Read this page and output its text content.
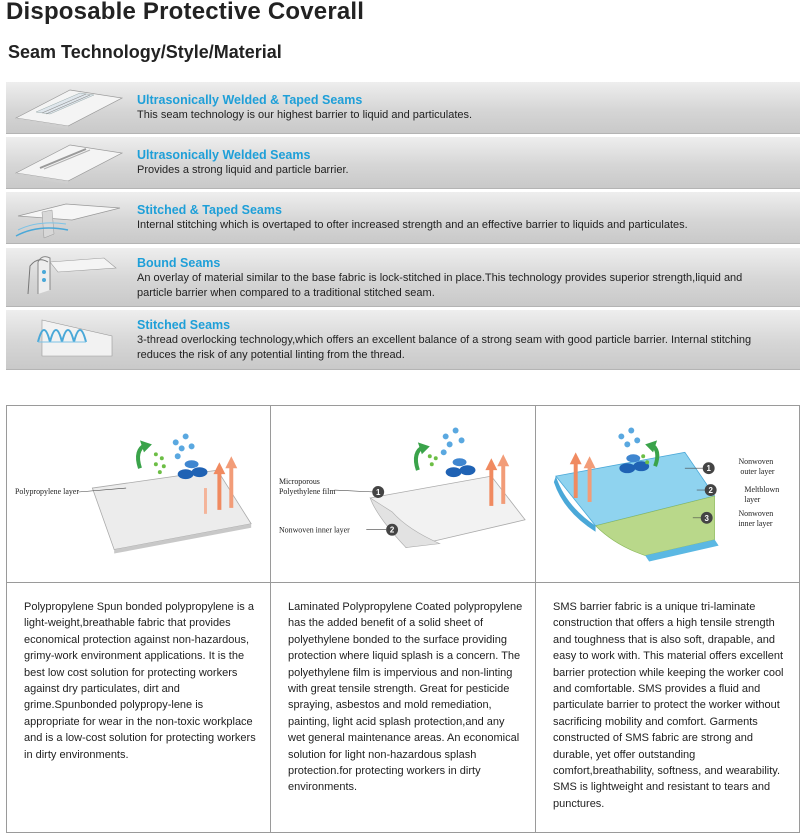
Disposable Protective Coverall
Seam Technology/Style/Material
Ultrasonically Welded & Taped Seams
This seam technology is our highest barrier to liquid and particulates.
Ultrasonically Welded Seams
Provides a strong liquid and particle barrier.
Stitched & Taped Seams
Internal stitching which is overtaped to ofter increased strength and an effective barrier to liquids and particulates.
Bound Seams
An overlay of material similar to the base fabric is lock-stitched in place.This technology provides superior strength,liquid and particle barrier when compared to a traditional stitched seam.
Stitched Seams
3-thread overlocking technology,which offers an excellent balance of a strong seam with good particle barrier. Internal stitching reduces the risk of any potential linting from the thread.
Polypropylene layer
Polypropylene Spun bonded polypropylene is a light-weight,breathable fabric that provides economical protection against non-hazardous, grimy-work environment applications. It is the best low cost solution for protecting workers against dry particulates, dirt and grime.Spunbonded polypropy-lene is appropriate for wear in the non-toxic workplace and is a low-cost solution for protecting workers in dirty environments.
1
2
Microporous
Polyethylene film
Nonwoven inner layer
Laminated Polypropylene Coated polypropylene has the added benefit of a solid sheet of polyethylene bonded to the surface providing protection where liquid splash is a concern. The polyethylene film is impervious and non-linting with great tensile strength. Great for pesticide spraying, asbestos and mold remediation, painting, light acid splash protection,and any wet general maintenance areas. An economical solution for light non-hazardous splash protection.for protecting workers in dirty environments.
1
2
3
Nonwoven
outer layer
Meltblown
layer
Nonwoven
inner layer
SMS barrier fabric is a unique tri-laminate construction that offers a high tensile strength and toughness that is also soft, drapable, and easy to work with. This material offers excellent barrier protection while keeping the worker cool and comfortable. SMS provides a fluid and particulate barrier to protect the worker without sacrificing mobility and comfort. Garments constructed of SMS fabric are strong and durable, yet offer outstanding comfort,breathability, softness, and wearability. SMS is lightweight and resistant to tears and punctures.
